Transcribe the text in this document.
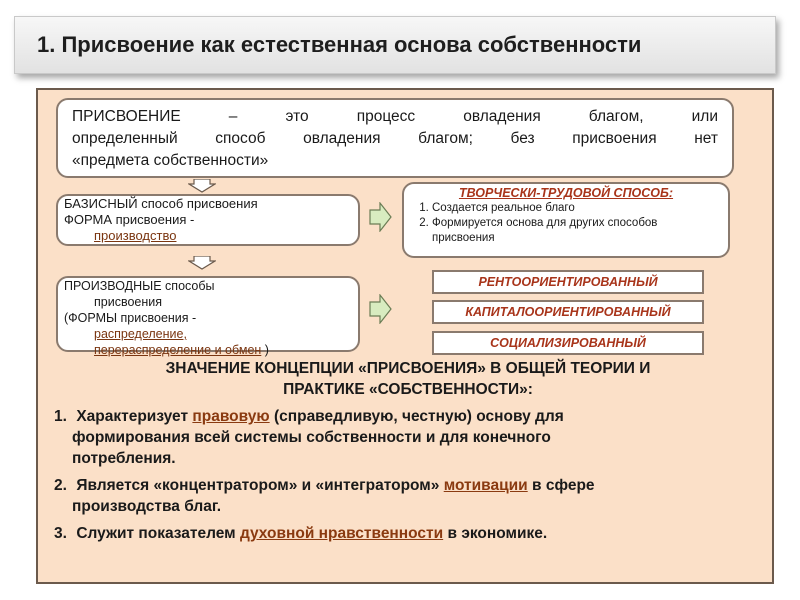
1. Присвоение как естественная основа собственности
ПРИСВОЕНИЕ – это процесс овладения благом, или
определенный способ овладения благом; без присвоения нет
«предмета собственности»
БАЗИСНЫЙ способ присвоения
ФОРМА присвоения -
производство
ПРОИЗВОДНЫЕ способы
присвоения
(ФОРМЫ присвоения -
распределение,
перераспределение и обмен )
ТВОРЧЕСКИ-ТРУДОВОЙ СПОСОБ:
1. Создается реальное благо
2. Формируется основа для других способов присвоения
РЕНТООРИЕНТИРОВАННЫЙ
КАПИТАЛООРИЕНТИРОВАННЫЙ
СОЦИАЛИЗИРОВАННЫЙ
ЗНАЧЕНИЕ КОНЦЕПЦИИ «ПРИСВОЕНИЯ» В ОБЩЕЙ ТЕОРИИ И
ПРАКТИКЕ «СОБСТВЕННОСТИ»:
1. Характеризует правовую (справедливую, честную) основу для
формирования всей системы собственности и для конечного
потребления.
2. Является «концентратором» и «интегратором» мотивации в сфере
производства благ.
3. Служит показателем духовной нравственности в экономике.
